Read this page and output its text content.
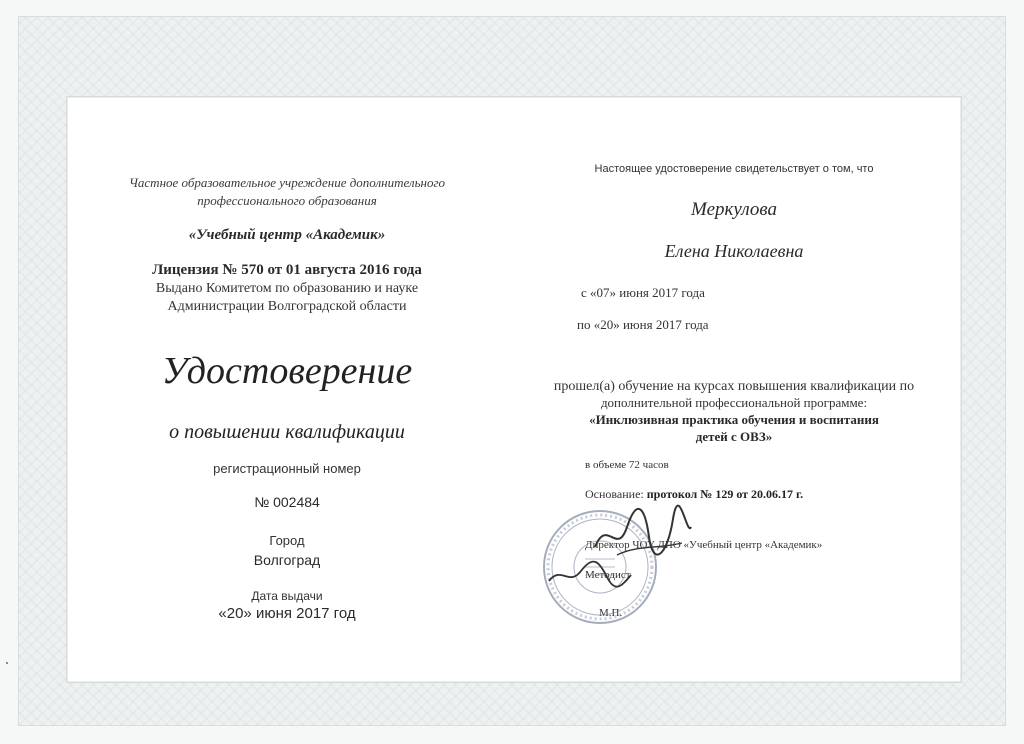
Частное образовательное учреждение дополнительного
профессионального образования
«Учебный центр «Академик»
Лицензия № 570 от 01 августа 2016 года
Выдано Комитетом по образованию и науке
Администрации Волгоградской области
Удостоверение
о повышении квалификации
регистрационный номер
№ 002484
Город
Волгоград
Дата выдачи
«20» июня 2017 год
Настоящее удостоверение свидетельствует о том, что
Меркулова
Елена Николаевна
с «07» июня 2017 года
по «20» июня 2017 года
прошел(а) обучение на курсах повышения квалификации по
дополнительной профессиональной программе:
«Инклюзивная практика обучения и воспитания
детей с ОВЗ»
в объеме 72 часов
Основание: протокол № 129 от 20.06.17 г.
Директор ЧОУ ДПО «Учебный центр «Академик»
Методист
М.П.
